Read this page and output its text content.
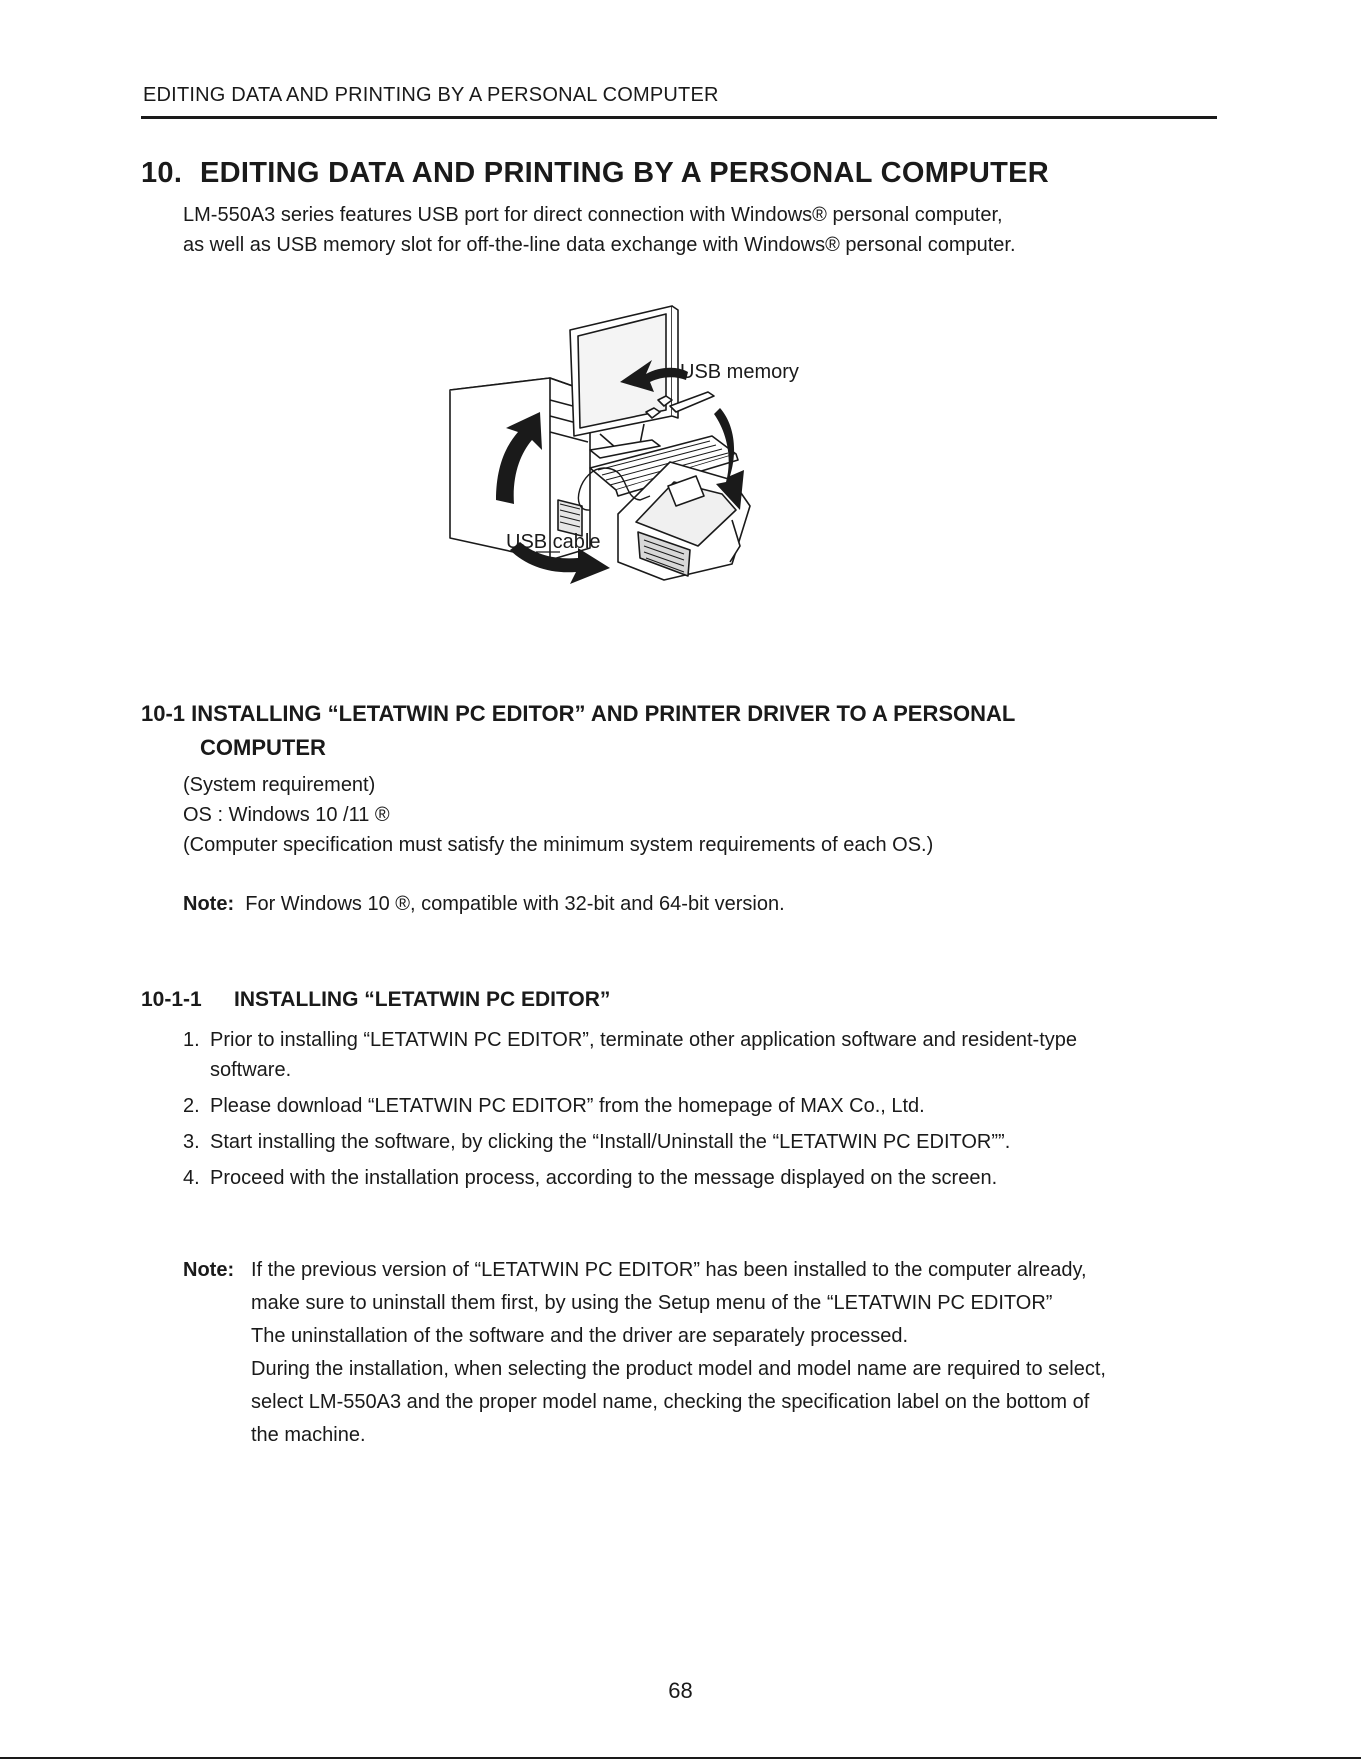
EDITING DATA AND PRINTING BY A PERSONAL COMPUTER
10. EDITING DATA AND PRINTING BY A PERSONAL COMPUTER
LM-550A3 series features USB port for direct connection with Windows® personal computer,
as well as USB memory slot for off-the-line data exchange with Windows® personal computer.
USB memory
USB cable
10-1 INSTALLING “LETATWIN PC EDITOR” AND PRINTER DRIVER TO A PERSONAL
COMPUTER
(System requirement)
OS : Windows 10 /11 ®
(Computer specification must satisfy the minimum system requirements of each OS.)
Note: For Windows 10 ®, compatible with 32-bit and 64-bit version.
10-1-1 INSTALLING “LETATWIN PC EDITOR”
1. Prior to installing “LETATWIN PC EDITOR”, terminate other application software and resident-type
software.
2. Please download “LETATWIN PC EDITOR” from the homepage of MAX Co., Ltd.
3. Start installing the software, by clicking the “Install/Uninstall the “LETATWIN PC EDITOR””.
4. Proceed with the installation process, according to the message displayed on the screen.
Note: If the previous version of “LETATWIN PC EDITOR” has been installed to the computer already,

make sure to uninstall them first, by using the Setup menu of the “LETATWIN PC EDITOR”

The uninstallation of the software and the driver are separately processed.

During the installation, when selecting the product model and model name are required to select,

select LM-550A3 and the proper model name, checking the specification label on the bottom of

the machine.

68
